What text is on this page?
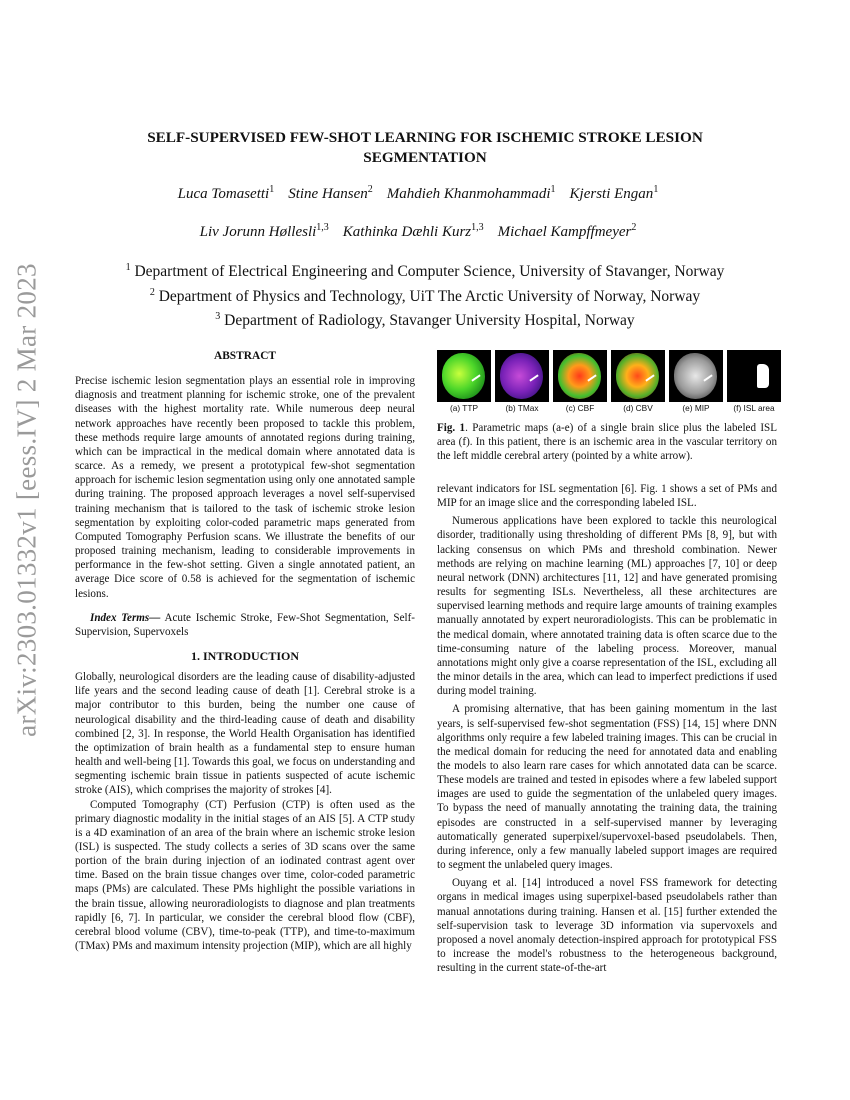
arXiv:2303.01332v1 [eess.IV] 2 Mar 2023
SELF-SUPERVISED FEW-SHOT LEARNING FOR ISCHEMIC STROKE LESION SEGMENTATION
Luca Tomasetti$^1$ Stine Hansen$^2$ Mahdieh Khanmohammadi$^1$ Kjersti Engan$^1$
Liv Jorunn Høllesli$^{1,3}$ Kathinka Dæhli Kurz$^{1,3}$ Michael Kampffmeyer$^2$
$^1$ Department of Electrical Engineering and Computer Science, University of Stavanger, Norway
$^2$ Department of Physics and Technology, UiT The Arctic University of Norway, Norway
$^3$ Department of Radiology, Stavanger University Hospital, Norway

ABSTRACT

Precise ischemic lesion segmentation plays an essential role in improving diagnosis and treatment planning for ischemic stroke, one of the prevalent diseases with the highest mortality rate. While numerous deep neural network approaches have recently been proposed to tackle this problem, these methods require large amounts of annotated regions during training, which can be impractical in the medical domain where annotated data is scarce. As a remedy, we present a prototypical few-shot segmentation approach for ischemic lesion segmentation using only one annotated sample during training. The proposed approach leverages a novel self-supervised training mechanism that is tailored to the task of ischemic stroke lesion segmentation by exploiting color-coded parametric maps generated from Computed Tomography Perfusion scans. We illustrate the benefits of our proposed training mechanism, leading to considerable improvements in performance in the few-shot setting. Given a single annotated patient, an average Dice score of 0.58 is achieved for the segmentation of ischemic lesions.

Index Terms— Acute Ischemic Stroke, Few-Shot Segmentation, Self-Supervision, Supervoxels

1. INTRODUCTION

Globally, neurological disorders are the leading cause of disability-adjusted life years and the second leading cause of death [1]. Cerebral stroke is a major contributor to this burden, being the number one cause of neurological disability and the third-leading cause of death and disability combined [2, 3]. In response, the World Health Organisation has identified the optimization of brain health as a fundamental step to ensure human health and well-being [1]. Towards this goal, we focus on understanding and segmenting ischemic brain tissue in patients suspected of acute ischemic stroke (AIS), which comprises the majority of strokes [4].

Computed Tomography (CT) Perfusion (CTP) is often used as the primary diagnostic modality in the initial stages of an AIS [5]. A CTP study is a 4D examination of an area of the brain where an ischemic stroke lesion (ISL) is suspected. The study collects a series of 3D scans over the same portion of the brain during injection of an iodinated contrast agent over time. Based on the brain tissue changes over time, color-coded parametric maps (PMs) are calculated. These PMs highlight the possible variations in the brain tissue, allowing neuroradiologists to diagnose and plan treatments rapidly [6, 7]. In particular, we consider the cerebral blood flow (CBF), cerebral blood volume (CBV), time-to-peak (TTP), and time-to-maximum (TMax) PMs and maximum intensity projection (MIP), which are all highly

(a) TTP	(b) TMax	(c) CBF	(d) CBV	(e) MIP	(f) ISL area
Fig. 1. Parametric maps (a-e) of a single brain slice plus the labeled ISL area (f). In this patient, there is an ischemic area in the vascular territory on the left middle cerebral artery (pointed by a white arrow).

relevant indicators for ISL segmentation [6]. Fig. 1 shows a set of PMs and MIP for an image slice and the corresponding labeled ISL.

Numerous applications have been explored to tackle this neurological disorder, traditionally using thresholding of different PMs [8, 9], but with lacking consensus on which PMs and threshold combination. Newer methods are relying on machine learning (ML) approaches [7, 10] or deep neural network (DNN) architectures [11, 12] and have generated promising results for segmenting ISLs. Nevertheless, all these architectures are supervised learning methods and require large amounts of training examples manually annotated by expert neuroradiologists. This can be problematic in the medical domain, where annotated training data is often scarce due to the time-consuming nature of the labeling process. Moreover, manual annotations might only give a coarse representation of the ISL, excluding all the minor details in the area, which can lead to imperfect predictions if used during model training.

A promising alternative, that has been gaining momentum in the last years, is self-supervised few-shot segmentation (FSS) [14, 15] where DNN algorithms only require a few labeled training images. This can be crucial in the medical domain for reducing the need for annotated data and enabling the models to also learn rare cases for which annotated data can be scarce. These models are trained and tested in episodes where a few labeled support images are used to guide the segmentation of the unlabeled query images. To bypass the need of manually annotating the training data, the training episodes are constructed in a self-supervised manner by leveraging automatically generated superpixel/supervoxel-based pseudolabels. Then, during inference, only a few manually labeled support images are required to segment the unlabeled query images.

Ouyang et al. [14] introduced a novel FSS framework for detecting organs in medical images using superpixel-based pseudolabels rather than manual annotations during training. Hansen et al. [15] further extended the self-supervision task to leverage 3D information via supervoxels and proposed a novel anomaly detection-inspired approach for prototypical FSS to increase the model's robustness to the heterogeneous background, resulting in the current state-of-the-art
